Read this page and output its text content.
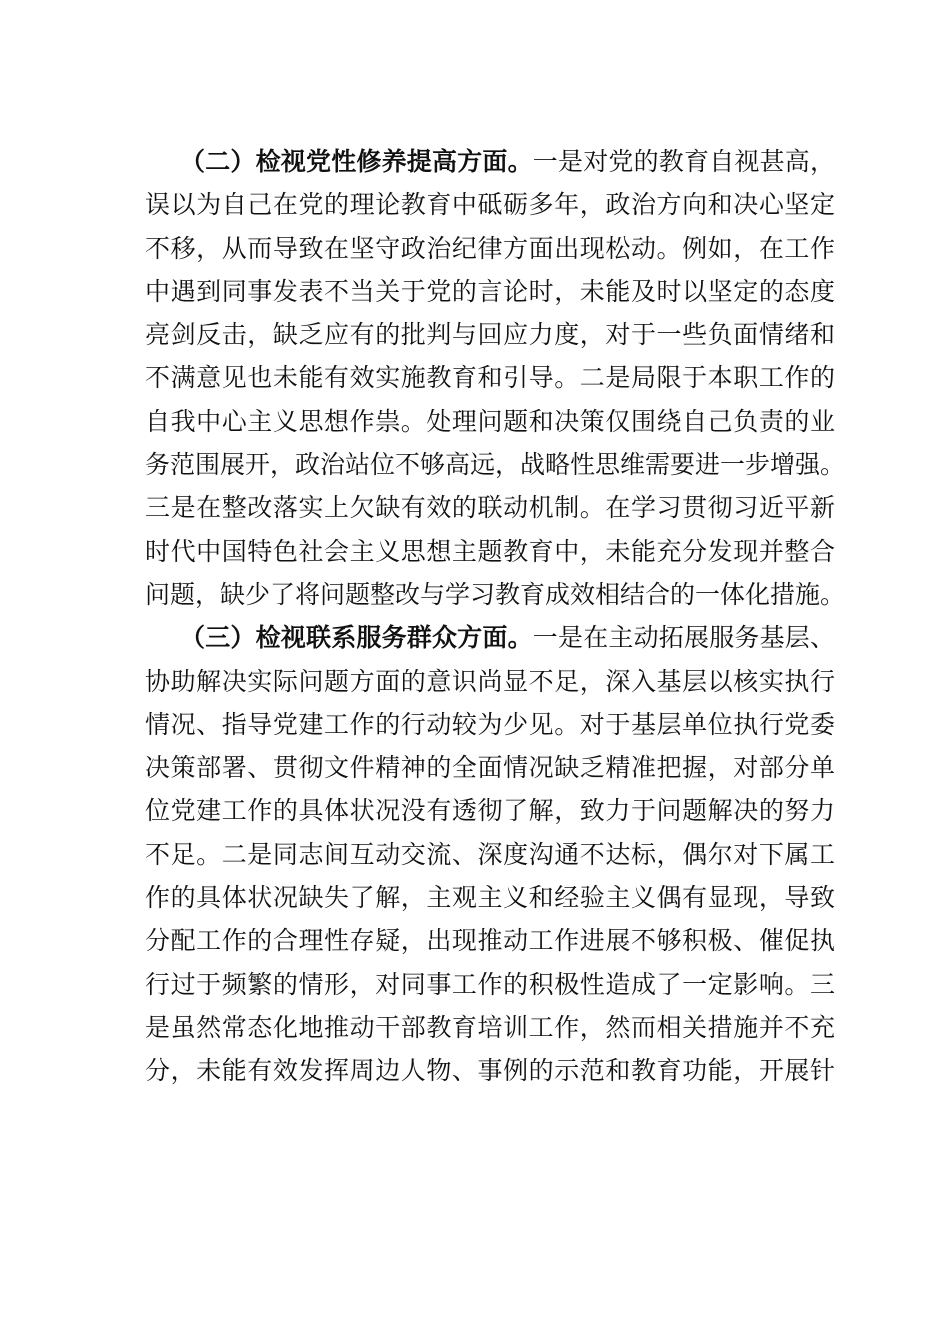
（二）检视党性修养提高方面。一是对党的教育自视甚高，
误以为自己在党的理论教育中砥砺多年，政治方向和决心坚定
不移，从而导致在坚守政治纪律方面出现松动。例如，在工作
中遇到同事发表不当关于党的言论时，未能及时以坚定的态度
亮剑反击，缺乏应有的批判与回应力度，对于一些负面情绪和
不满意见也未能有效实施教育和引导。二是局限于本职工作的
自我中心主义思想作祟。处理问题和决策仅围绕自己负责的业
务范围展开，政治站位不够高远，战略性思维需要进一步增强。
三是在整改落实上欠缺有效的联动机制。在学习贯彻习近平新
时代中国特色社会主义思想主题教育中，未能充分发现并整合
问题，缺少了将问题整改与学习教育成效相结合的一体化措施。
（三）检视联系服务群众方面。一是在主动拓展服务基层、
协助解决实际问题方面的意识尚显不足，深入基层以核实执行
情况、指导党建工作的行动较为少见。对于基层单位执行党委
决策部署、贯彻文件精神的全面情况缺乏精准把握，对部分单
位党建工作的具体状况没有透彻了解，致力于问题解决的努力
不足。二是同志间互动交流、深度沟通不达标，偶尔对下属工
作的具体状况缺失了解，主观主义和经验主义偶有显现，导致
分配工作的合理性存疑，出现推动工作进展不够积极、催促执
行过于频繁的情形，对同事工作的积极性造成了一定影响。三
是虽然常态化地推动干部教育培训工作，然而相关措施并不充
分，未能有效发挥周边人物、事例的示范和教育功能，开展针
